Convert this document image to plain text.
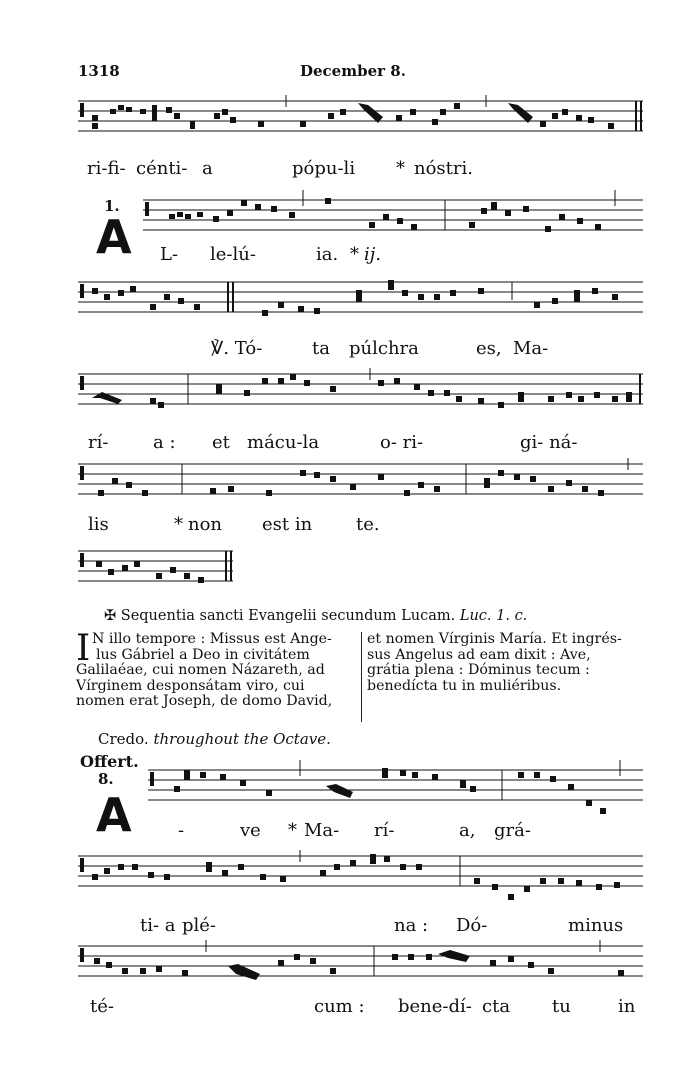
1318	December 8.
ri-fi- cénti- a	pópu-li * nóstri.
1.
A L- le-lú-	ia. * ij.
℣. Tó-	ta púlchra	es, Ma-
rí- a : et mácu-la	o- ri-	gi- ná-
lis	* non est in te.
✠ Sequentia sancti Evangelii secundum Lucam. Luc. 1. c.
I N illo tempore : Missus est Ange-

lus Gábriel a Deo in civitátem

Galilaéae, cui nomen Názareth, ad

Vírginem desponsátam viro, cui

nomen erat Joseph, de domo David,

et nomen Vírginis María. Et ingrés-

sus Angelus ad eam dixit : Ave,

grátia plena : Dóminus tecum :

benedícta tu in muliéribus.

Credo. throughout the Octave.
Offert.
8.
A	-	ve * Ma- rí-	a, grá-
ti- a plé-	na : Dó-	minus
té-	cum : bene-dí- cta tu	in
